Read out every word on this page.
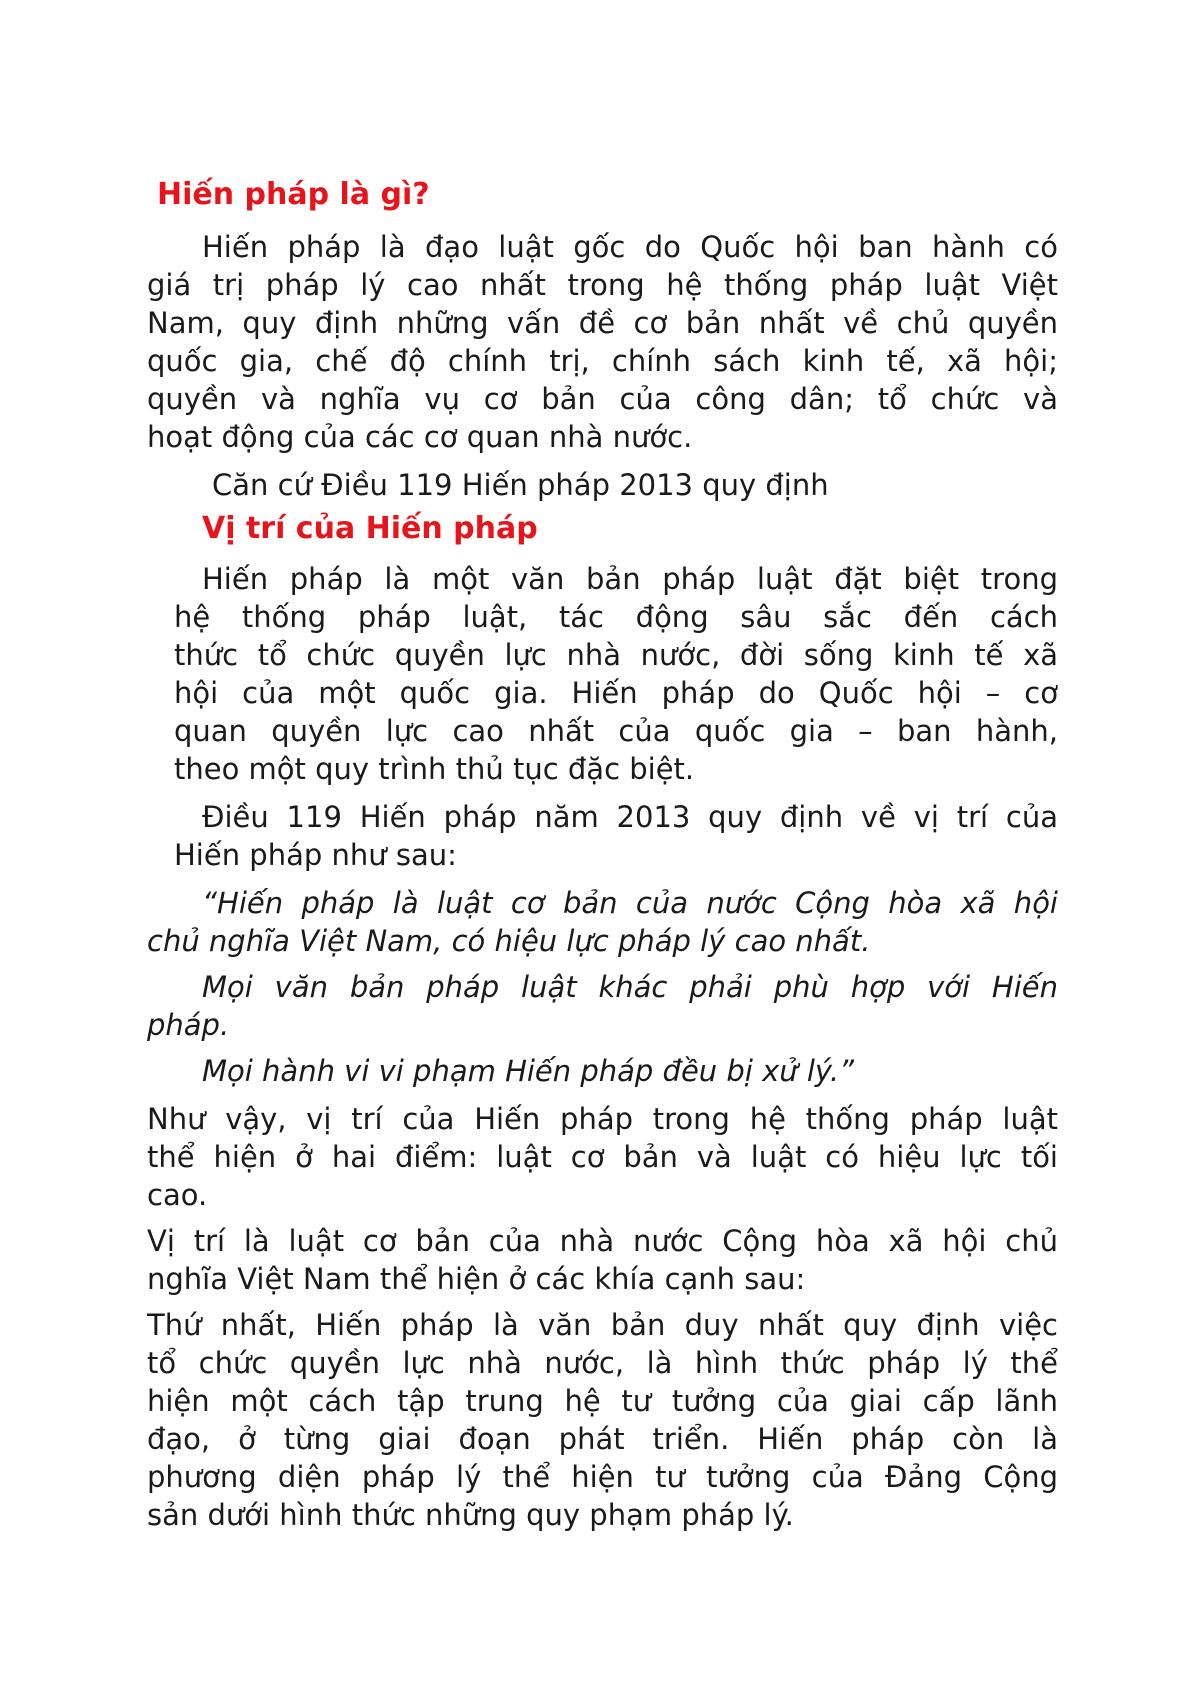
Hiến pháp là gì?
Hiến pháp là đạo luật gốc do Quốc hội ban hành có
giá trị pháp lý cao nhất trong hệ thống pháp luật Việt
Nam, quy định những vấn đề cơ bản nhất về chủ quyền
quốc gia, chế độ chính trị, chính sách kinh tế, xã hội;
quyền và nghĩa vụ cơ bản của công dân; tổ chức và
hoạt động của các cơ quan nhà nước.
Căn cứ Điều 119 Hiến pháp 2013 quy định
Vị trí của Hiến pháp
Hiến pháp là một văn bản pháp luật đặt biệt trong
hệ thống pháp luật, tác động sâu sắc đến cách
thức tổ chức quyền lực nhà nước, đời sống kinh tế xã
hội của một quốc gia. Hiến pháp do Quốc hội – cơ
quan quyền lực cao nhất của quốc gia – ban hành,
theo một quy trình thủ tục đặc biệt.
Điều 119 Hiến pháp năm 2013 quy định về vị trí của
Hiến pháp như sau:
“Hiến pháp là luật cơ bản của nước Cộng hòa xã hội
chủ nghĩa Việt Nam, có hiệu lực pháp lý cao nhất.
Mọi văn bản pháp luật khác phải phù hợp với Hiến
pháp.
Mọi hành vi vi phạm Hiến pháp đều bị xử lý.”
Như vậy, vị trí của Hiến pháp trong hệ thống pháp luật
thể hiện ở hai điểm: luật cơ bản và luật có hiệu lực tối
cao.
Vị trí là luật cơ bản của nhà nước Cộng hòa xã hội chủ
nghĩa Việt Nam thể hiện ở các khía cạnh sau:
Thứ nhất, Hiến pháp là văn bản duy nhất quy định việc
tổ chức quyền lực nhà nước, là hình thức pháp lý thể
hiện một cách tập trung hệ tư tưởng của giai cấp lãnh
đạo, ở từng giai đoạn phát triển. Hiến pháp còn là
phương diện pháp lý thể hiện tư tưởng của Đảng Cộng
sản dưới hình thức những quy phạm pháp lý.
